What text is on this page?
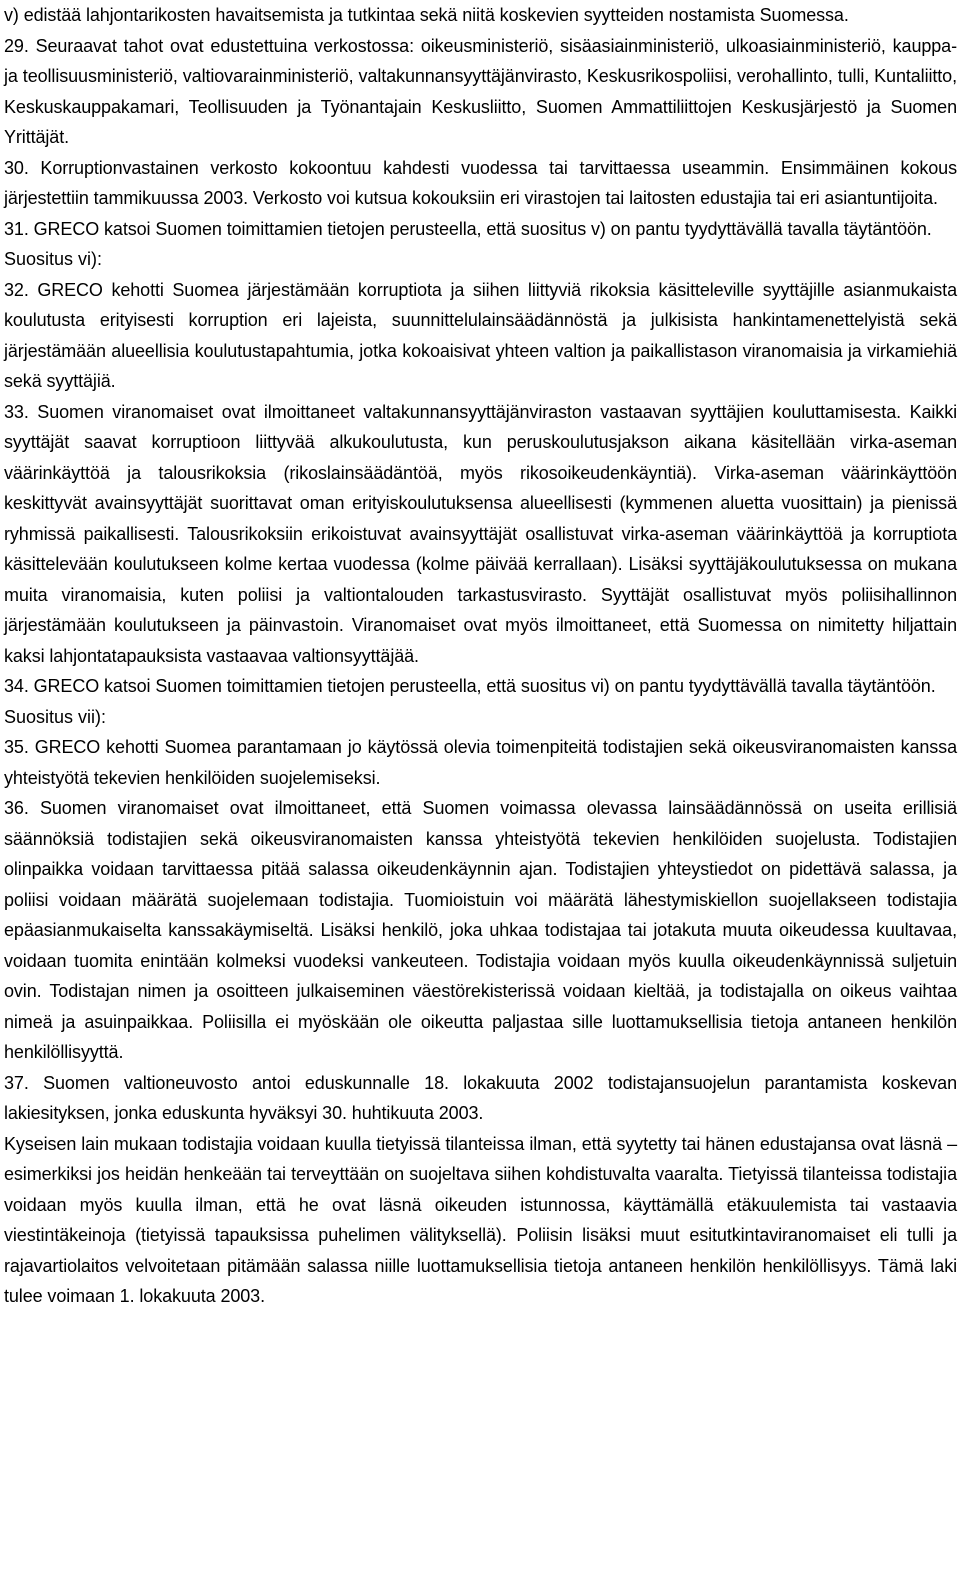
v) edistää lahjontarikosten havaitsemista ja tutkintaa sekä niitä koskevien syytteiden nostamista Suomessa.

29. Seuraavat tahot ovat edustettuina verkostossa: oikeusministeriö, sisäasiainministeriö, ulkoasiainministeriö, kauppa- ja teollisuusministeriö, valtiovarainministeriö, valtakunnansyyttäjänvirasto, Keskusrikospoliisi, verohallinto, tulli, Kuntaliitto, Keskuskauppakamari, Teollisuuden ja Työnantajain Keskusliitto, Suomen Ammattiliittojen Keskusjärjestö ja Suomen Yrittäjät.

30. Korruptionvastainen verkosto kokoontuu kahdesti vuodessa tai tarvittaessa useammin. Ensimmäinen kokous järjestettiin tammikuussa 2003. Verkosto voi kutsua kokouksiin eri virastojen tai laitosten edustajia tai eri asiantuntijoita.

31. GRECO katsoi Suomen toimittamien tietojen perusteella, että suositus v) on pantu tyydyttävällä tavalla täytäntöön.

Suositus vi):

32. GRECO kehotti Suomea järjestämään korruptiota ja siihen liittyviä rikoksia käsitteleville syyttäjille asianmukaista koulutusta erityisesti korruption eri lajeista, suunnittelulainsäädännöstä ja julkisista hankintamenettelyistä sekä järjestämään alueellisia koulutustapahtumia, jotka kokoaisivat yhteen valtion ja paikallistason viranomaisia ja virkamiehiä sekä syyttäjiä.

33. Suomen viranomaiset ovat ilmoittaneet valtakunnansyyttäjänviraston vastaavan syyttäjien kouluttamisesta. Kaikki syyttäjät saavat korruptioon liittyvää alkukoulutusta, kun peruskoulutusjakson aikana käsitellään virka-aseman väärinkäyttöä ja talousrikoksia (rikoslainsäädäntöä, myös rikosoikeudenkäyntiä). Virka-aseman väärinkäyttöön keskittyvät avainsyyttäjät suorittavat oman erityiskoulutuksensa alueellisesti (kymmenen aluetta vuosittain) ja pienissä ryhmissä paikallisesti. Talousrikoksiin erikoistuvat avainsyyttäjät osallistuvat virka-aseman väärinkäyttöä ja korruptiota käsittelevään koulutukseen kolme kertaa vuodessa (kolme päivää kerrallaan). Lisäksi syyttäjäkoulutuksessa on mukana muita viranomaisia, kuten poliisi ja valtiontalouden tarkastusvirasto. Syyttäjät osallistuvat myös poliisihallinnon järjestämään koulutukseen ja päinvastoin. Viranomaiset ovat myös ilmoittaneet, että Suomessa on nimitetty hiljattain kaksi lahjontatapauksista vastaavaa valtionsyyttäjää.

34. GRECO katsoi Suomen toimittamien tietojen perusteella, että suositus vi) on pantu tyydyttävällä tavalla täytäntöön.

Suositus vii):

35. GRECO kehotti Suomea parantamaan jo käytössä olevia toimenpiteitä todistajien sekä oikeusviranomaisten kanssa yhteistyötä tekevien henkilöiden suojelemiseksi.

36. Suomen viranomaiset ovat ilmoittaneet, että Suomen voimassa olevassa lainsäädännössä on useita erillisiä säännöksiä todistajien sekä oikeusviranomaisten kanssa yhteistyötä tekevien henkilöiden suojelusta. Todistajien olinpaikka voidaan tarvittaessa pitää salassa oikeudenkäynnin ajan. Todistajien yhteystiedot on pidettävä salassa, ja poliisi voidaan määrätä suojelemaan todistajia. Tuomioistuin voi määrätä lähestymiskiellon suojellakseen todistajia epäasianmukaiselta kanssakäymiseltä. Lisäksi henkilö, joka uhkaa todistajaa tai jotakuta muuta oikeudessa kuultavaa, voidaan tuomita enintään kolmeksi vuodeksi vankeuteen. Todistajia voidaan myös kuulla oikeudenkäynnissä suljetuin ovin. Todistajan nimen ja osoitteen julkaiseminen väestörekisterissä voidaan kieltää, ja todistajalla on oikeus vaihtaa nimeä ja asuinpaikkaa. Poliisilla ei myöskään ole oikeutta paljastaa sille luottamuksellisia tietoja antaneen henkilön henkilöllisyyttä.

37. Suomen valtioneuvosto antoi eduskunnalle 18. lokakuuta 2002 todistajansuojelun parantamista koskevan lakiesityksen, jonka eduskunta hyväksyi 30. huhtikuuta 2003.

Kyseisen lain mukaan todistajia voidaan kuulla tietyissä tilanteissa ilman, että syytetty tai hänen edustajansa ovat läsnä – esimerkiksi jos heidän henkeään tai terveyttään on suojeltava siihen kohdistuvalta vaaralta. Tietyissä tilanteissa todistajia voidaan myös kuulla ilman, että he ovat läsnä oikeuden istunnossa, käyttämällä etäkuulemista tai vastaavia viestintäkeinoja (tietyissä tapauksissa puhelimen välityksellä). Poliisin lisäksi muut esitutkintaviranomaiset eli tulli ja rajavartiolaitos velvoitetaan pitämään salassa niille luottamuksellisia tietoja antaneen henkilön henkilöllisyys. Tämä laki tulee voimaan 1. lokakuuta 2003.
